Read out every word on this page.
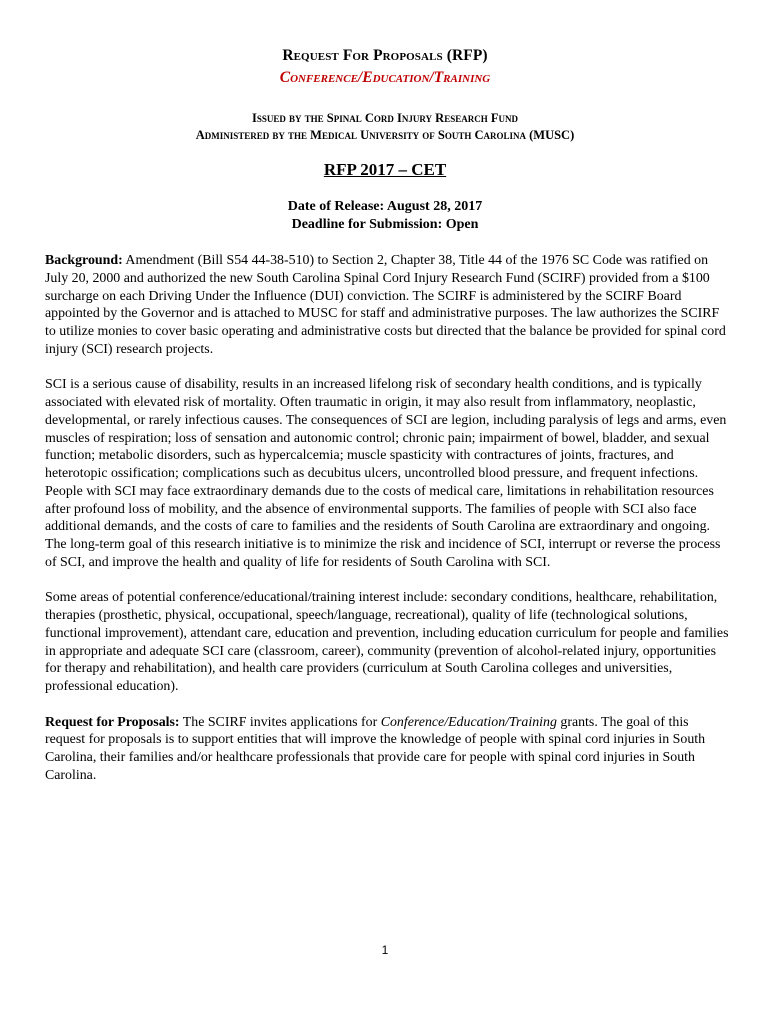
Request For Proposals (RFP)
Conference/Education/Training
Issued by the Spinal Cord Injury Research Fund
Administered by the Medical University of South Carolina (MUSC)
RFP 2017 – CET
Date of Release: August 28, 2017
Deadline for Submission: Open

Background: Amendment (Bill S54 44-38-510) to Section 2, Chapter 38, Title 44 of the 1976 SC Code was ratified on July 20, 2000 and authorized the new South Carolina Spinal Cord Injury Research Fund (SCIRF) provided from a $100 surcharge on each Driving Under the Influence (DUI) conviction. The SCIRF is administered by the SCIRF Board appointed by the Governor and is attached to MUSC for staff and administrative purposes. The law authorizes the SCIRF to utilize monies to cover basic operating and administrative costs but directed that the balance be provided for spinal cord injury (SCI) research projects.

SCI is a serious cause of disability, results in an increased lifelong risk of secondary health conditions, and is typically associated with elevated risk of mortality. Often traumatic in origin, it may also result from inflammatory, neoplastic, developmental, or rarely infectious causes. The consequences of SCI are legion, including paralysis of legs and arms, even muscles of respiration; loss of sensation and autonomic control; chronic pain; impairment of bowel, bladder, and sexual function; metabolic disorders, such as hypercalcemia; muscle spasticity with contractures of joints, fractures, and heterotopic ossification; complications such as decubitus ulcers, uncontrolled blood pressure, and frequent infections. People with SCI may face extraordinary demands due to the costs of medical care, limitations in rehabilitation resources after profound loss of mobility, and the absence of environmental supports. The families of people with SCI also face additional demands, and the costs of care to families and the residents of South Carolina are extraordinary and ongoing. The long-term goal of this research initiative is to minimize the risk and incidence of SCI, interrupt or reverse the process of SCI, and improve the health and quality of life for residents of South Carolina with SCI.

Some areas of potential conference/educational/training interest include: secondary conditions, healthcare, rehabilitation, therapies (prosthetic, physical, occupational, speech/language, recreational), quality of life (technological solutions, functional improvement), attendant care, education and prevention, including education curriculum for people and families in appropriate and adequate SCI care (classroom, career), community (prevention of alcohol-related injury, opportunities for therapy and rehabilitation), and health care providers (curriculum at South Carolina colleges and universities, professional education).

Request for Proposals: The SCIRF invites applications for Conference/Education/Training grants. The goal of this request for proposals is to support entities that will improve the knowledge of people with spinal cord injuries in South Carolina, their families and/or healthcare professionals that provide care for people with spinal cord injuries in South Carolina.

1
